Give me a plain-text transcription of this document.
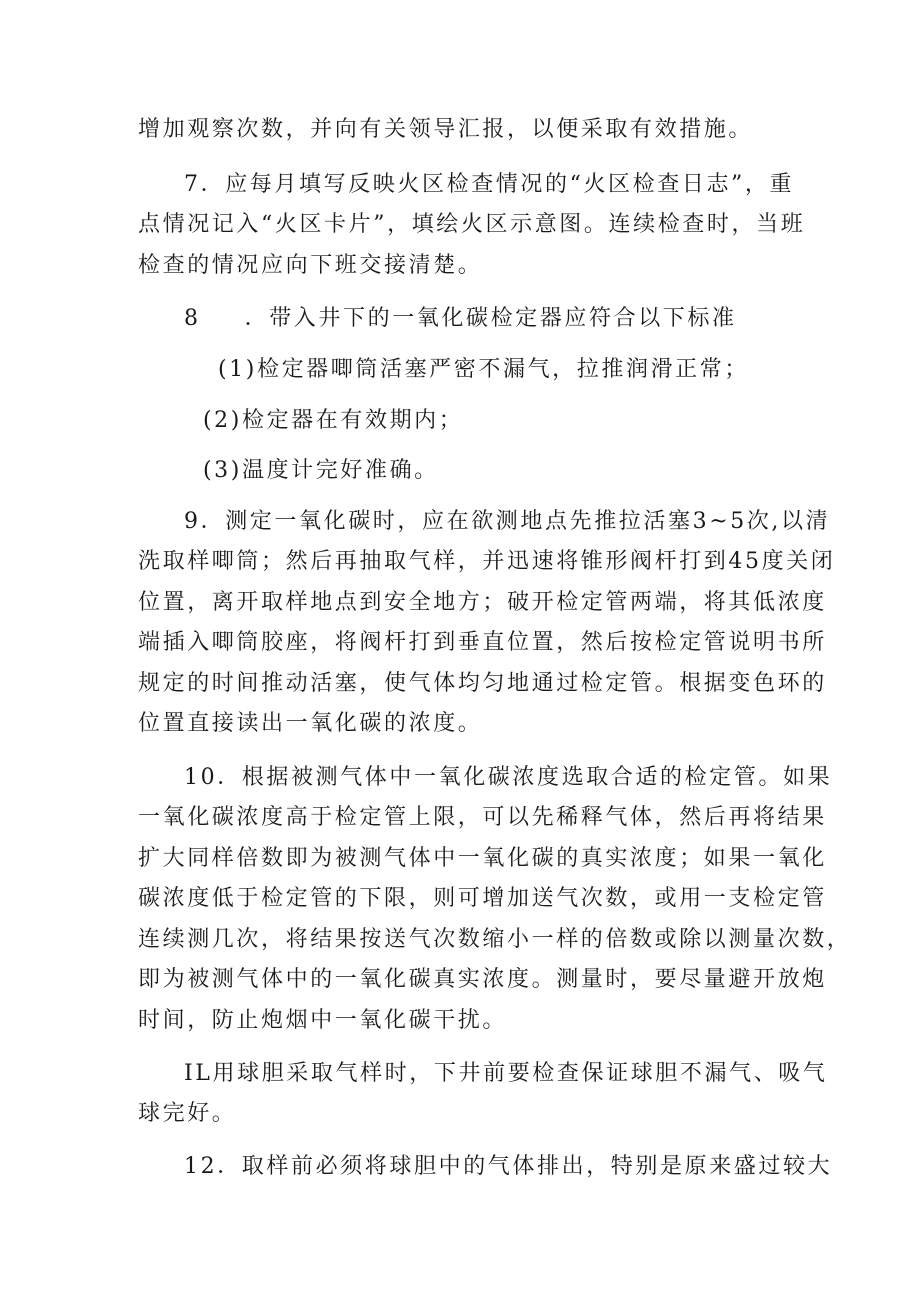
增加观察次数，并向有关领导汇报，以便采取有效措施。
7．应每月填写反映火区检查情况的“火区检查日志”，重
点情况记入“火区卡片”，填绘火区示意图。连续检查时，当班
检查的情况应向下班交接清楚。
8 ．带入井下的一氧化碳检定器应符合以下标准
(1)检定器唧筒活塞严密不漏气，拉推润滑正常；
(2)检定器在有效期内；
(3)温度计完好准确。
9．测定一氧化碳时，应在欲测地点先推拉活塞3~5次,以清
洗取样唧筒；然后再抽取气样，并迅速将锥形阀杆打到45度关闭
位置，离开取样地点到安全地方；破开检定管两端，将其低浓度
端插入唧筒胶座，将阀杆打到垂直位置，然后按检定管说明书所
规定的时间推动活塞，使气体均匀地通过检定管。根据变色环的
位置直接读出一氧化碳的浓度。
10．根据被测气体中一氧化碳浓度选取合适的检定管。如果
一氧化碳浓度高于检定管上限，可以先稀释气体，然后再将结果
扩大同样倍数即为被测气体中一氧化碳的真实浓度；如果一氧化
碳浓度低于检定管的下限，则可增加送气次数，或用一支检定管
连续测几次，将结果按送气次数缩小一样的倍数或除以测量次数，
即为被测气体中的一氧化碳真实浓度。测量时，要尽量避开放炮
时间，防止炮烟中一氧化碳干扰。
IL用球胆采取气样时，下井前要检查保证球胆不漏气、吸气
球完好。
12．取样前必须将球胆中的气体排出，特别是原来盛过较大
